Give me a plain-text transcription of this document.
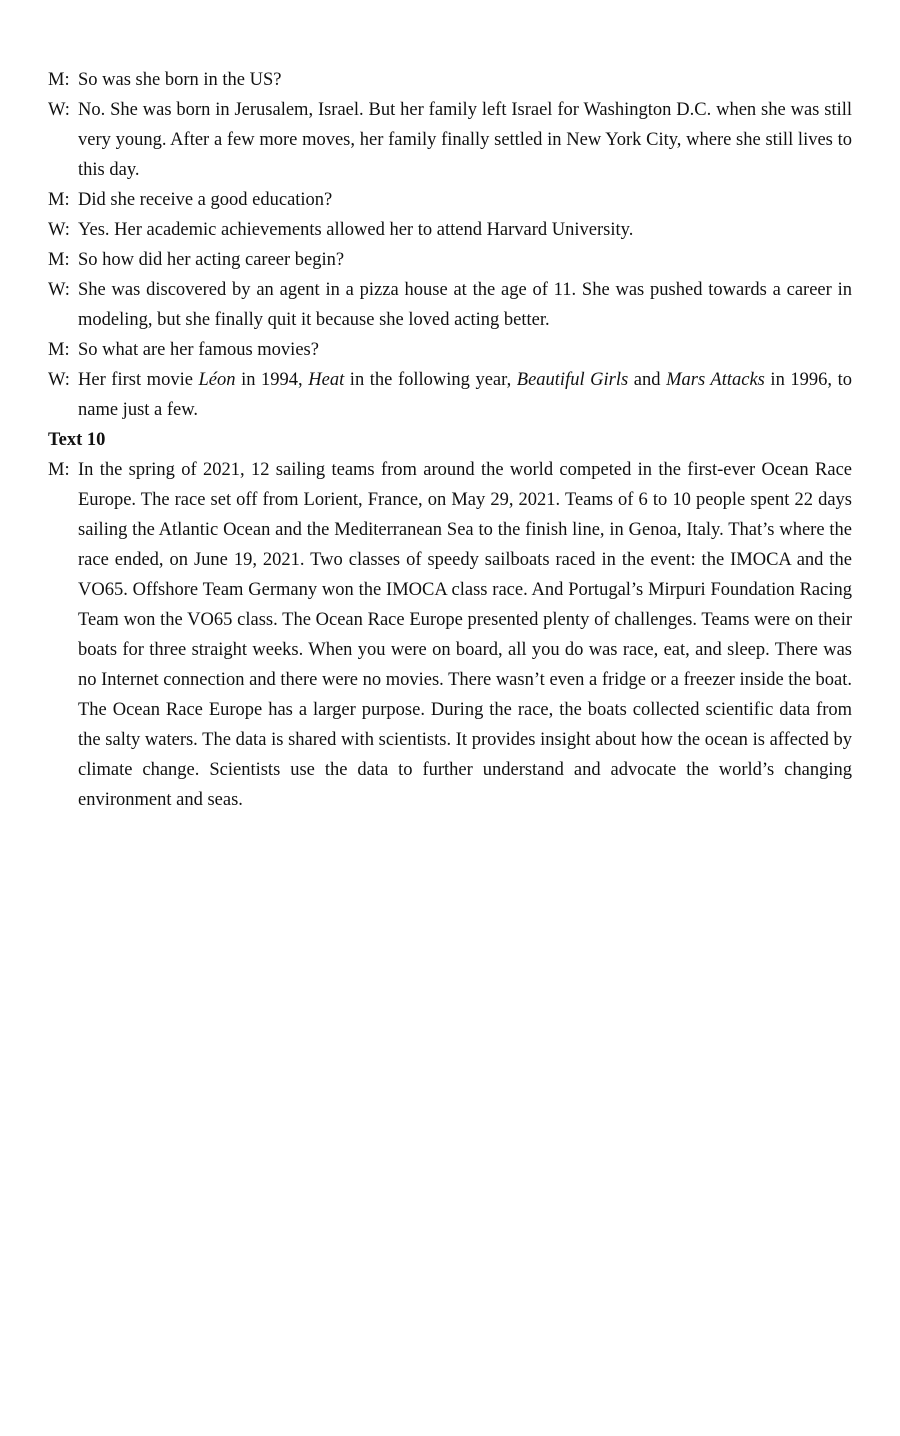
M: So was she born in the US?
W: No. She was born in Jerusalem, Israel. But her family left Israel for Washington D.C. when she was still very young. After a few more moves, her family finally settled in New York City, where she still lives to this day.
M: Did she receive a good education?
W: Yes. Her academic achievements allowed her to attend Harvard University.
M: So how did her acting career begin?
W: She was discovered by an agent in a pizza house at the age of 11. She was pushed towards a career in modeling, but she finally quit it because she loved acting better.
M: So what are her famous movies?
W: Her first movie Léon in 1994, Heat in the following year, Beautiful Girls and Mars Attacks in 1996, to name just a few.
Text 10
M: In the spring of 2021, 12 sailing teams from around the world competed in the first-ever Ocean Race Europe. The race set off from Lorient, France, on May 29, 2021. Teams of 6 to 10 people spent 22 days sailing the Atlantic Ocean and the Mediterranean Sea to the finish line, in Genoa, Italy. That’s where the race ended, on June 19, 2021. Two classes of speedy sailboats raced in the event: the IMOCA and the VO65. Offshore Team Germany won the IMOCA class race. And Portugal’s Mirpuri Foundation Racing Team won the VO65 class. The Ocean Race Europe presented plenty of challenges. Teams were on their boats for three straight weeks. When you were on board, all you do was race, eat, and sleep. There was no Internet connection and there were no movies. There wasn’t even a fridge or a freezer inside the boat. The Ocean Race Europe has a larger purpose. During the race, the boats collected scientific data from the salty waters. The data is shared with scientists. It provides insight about how the ocean is affected by climate change. Scientists use the data to further understand and advocate the world’s changing environment and seas.
